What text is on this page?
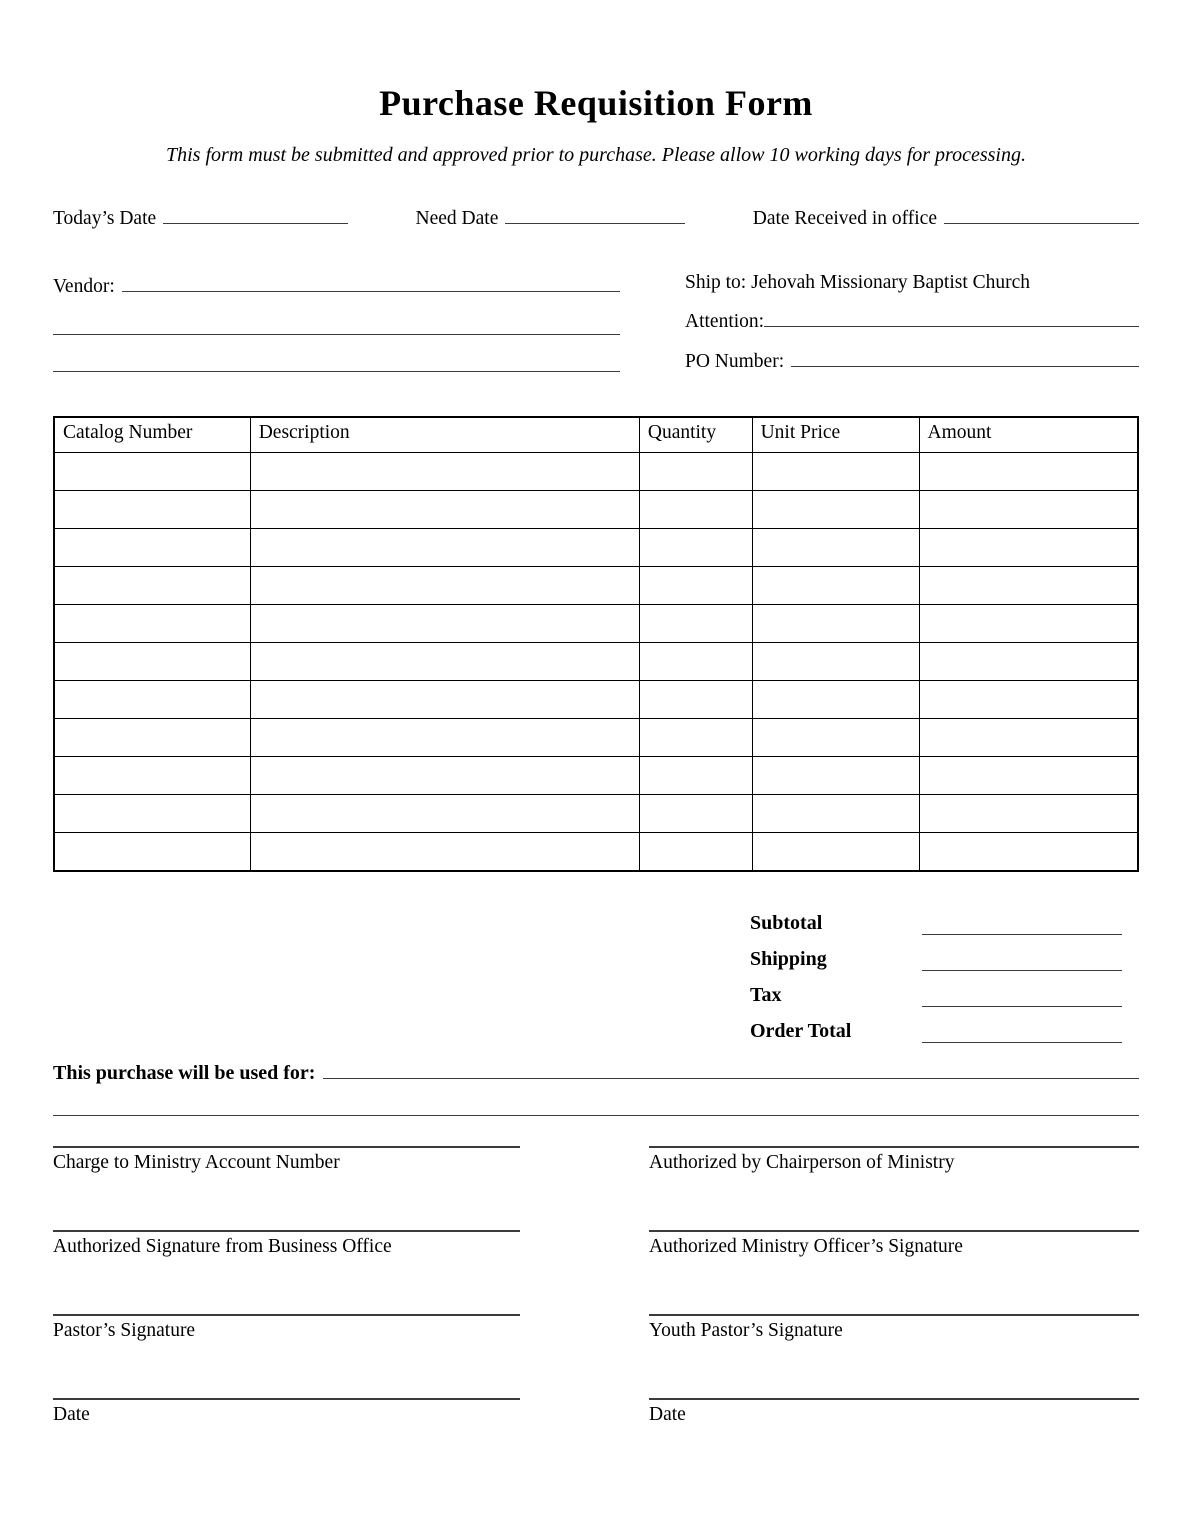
Purchase Requisition Form

This form must be submitted and approved prior to purchase. Please allow 10 working days for processing.

Today’s Date	Need Date	Date Received in office
Vendor:	Ship to: Jehovah Missionary Baptist Church
Attention:
PO Number:
Catalog Number	Description	Quantity	Unit Price	Amount

Subtotal
Shipping
Tax
Order Total
This purchase will be used for:
Charge to Ministry Account Number	Authorized by Chairperson of Ministry
Authorized Signature from Business Office	Authorized Ministry Officer’s Signature
Pastor’s Signature	Youth Pastor’s Signature
Date	Date
